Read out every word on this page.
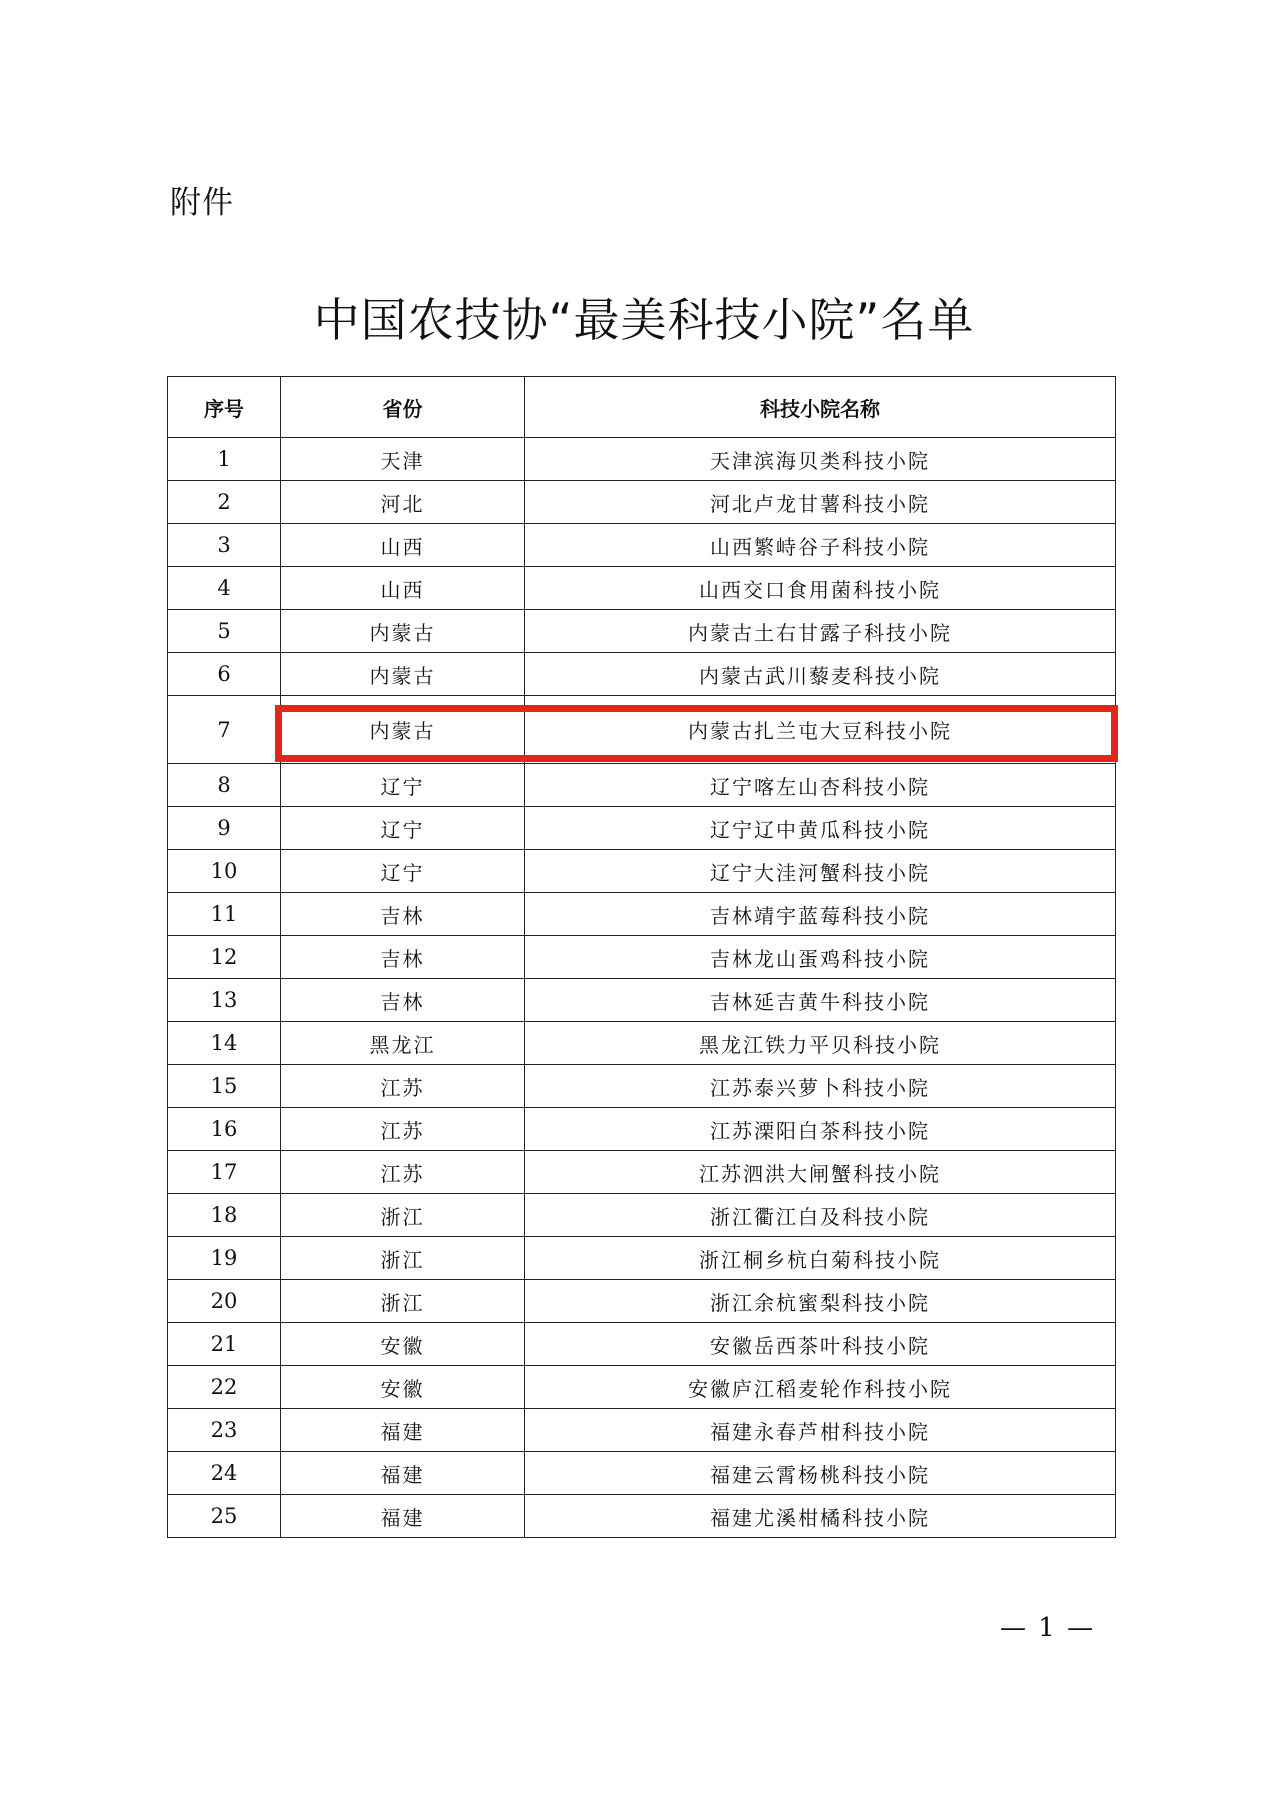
附件
中国农技协“最美科技小院”名单
序号	省份	科技小院名称
1	天津	天津滨海贝类科技小院
2	河北	河北卢龙甘薯科技小院
3	山西	山西繁峙谷子科技小院
4	山西	山西交口食用菌科技小院
5	内蒙古	内蒙古土右甘露子科技小院
6	内蒙古	内蒙古武川藜麦科技小院
7	内蒙古	内蒙古扎兰屯大豆科技小院
8	辽宁	辽宁喀左山杏科技小院
9	辽宁	辽宁辽中黄瓜科技小院
10	辽宁	辽宁大洼河蟹科技小院
11	吉林	吉林靖宇蓝莓科技小院
12	吉林	吉林龙山蛋鸡科技小院
13	吉林	吉林延吉黄牛科技小院
14	黑龙江	黑龙江铁力平贝科技小院
15	江苏	江苏泰兴萝卜科技小院
16	江苏	江苏溧阳白茶科技小院
17	江苏	江苏泗洪大闸蟹科技小院
18	浙江	浙江衢江白及科技小院
19	浙江	浙江桐乡杭白菊科技小院
20	浙江	浙江余杭蜜梨科技小院
21	安徽	安徽岳西茶叶科技小院
22	安徽	安徽庐江稻麦轮作科技小院
23	福建	福建永春芦柑科技小院
24	福建	福建云霄杨桃科技小院
25	福建	福建尤溪柑橘科技小院
— 1 —
